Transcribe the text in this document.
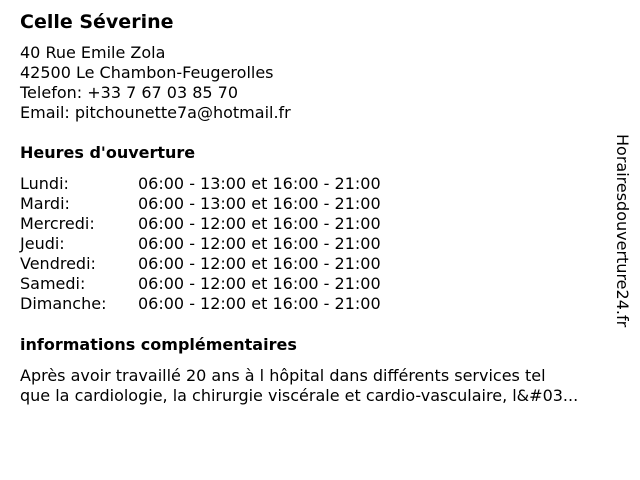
Celle Séverine
40 Rue Emile Zola
42500 Le Chambon-Feugerolles
Telefon: +33 7 67 03 85 70
Email: pitchounette7a@hotmail.fr
Heures d'ouverture
Lundi:	06:00 - 13:00 et 16:00 - 21:00
Mardi:	06:00 - 13:00 et 16:00 - 21:00
Mercredi:	06:00 - 12:00 et 16:00 - 21:00
Jeudi:	06:00 - 12:00 et 16:00 - 21:00
Vendredi:	06:00 - 12:00 et 16:00 - 21:00
Samedi:	06:00 - 12:00 et 16:00 - 21:00
Dimanche:	06:00 - 12:00 et 16:00 - 21:00
informations complémentaires
Après avoir travaillé 20 ans à l hôpital dans différents services tel
que la cardiologie, la chirurgie viscérale et cardio-vasculaire, l&#03...
Horairesdouverture24.fr
